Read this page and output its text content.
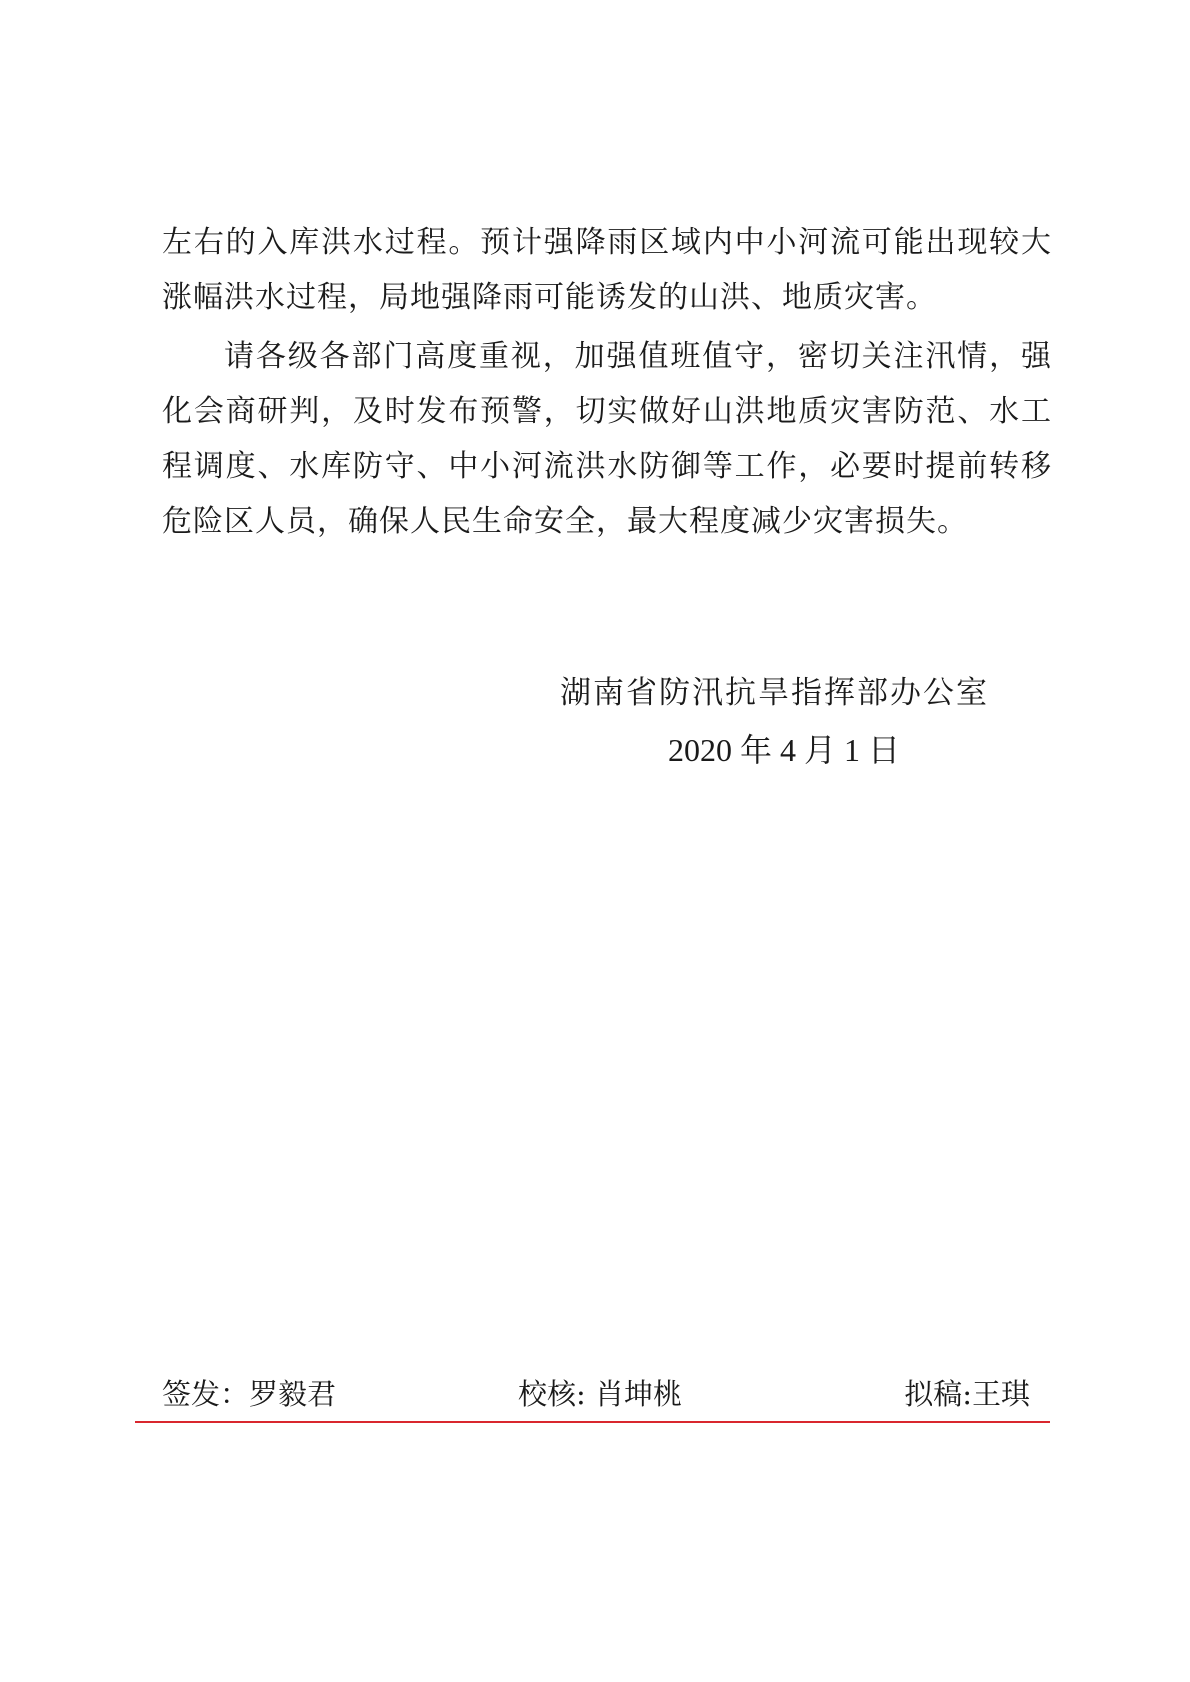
左右的入库洪水过程。预计强降雨区域内中小河流可能出现较大涨幅洪水过程，局地强降雨可能诱发的山洪、地质灾害。

请各级各部门高度重视，加强值班值守，密切关注汛情，强化会商研判，及时发布预警，切实做好山洪地质灾害防范、水工程调度、水库防守、中小河流洪水防御等工作，必要时提前转移危险区人员，确保人民生命安全，最大程度减少灾害损失。

湖南省防汛抗旱指挥部办公室
2020 年 4 月 1 日
签发：罗毅君	校核: 肖坤桃	拟稿:王琪
